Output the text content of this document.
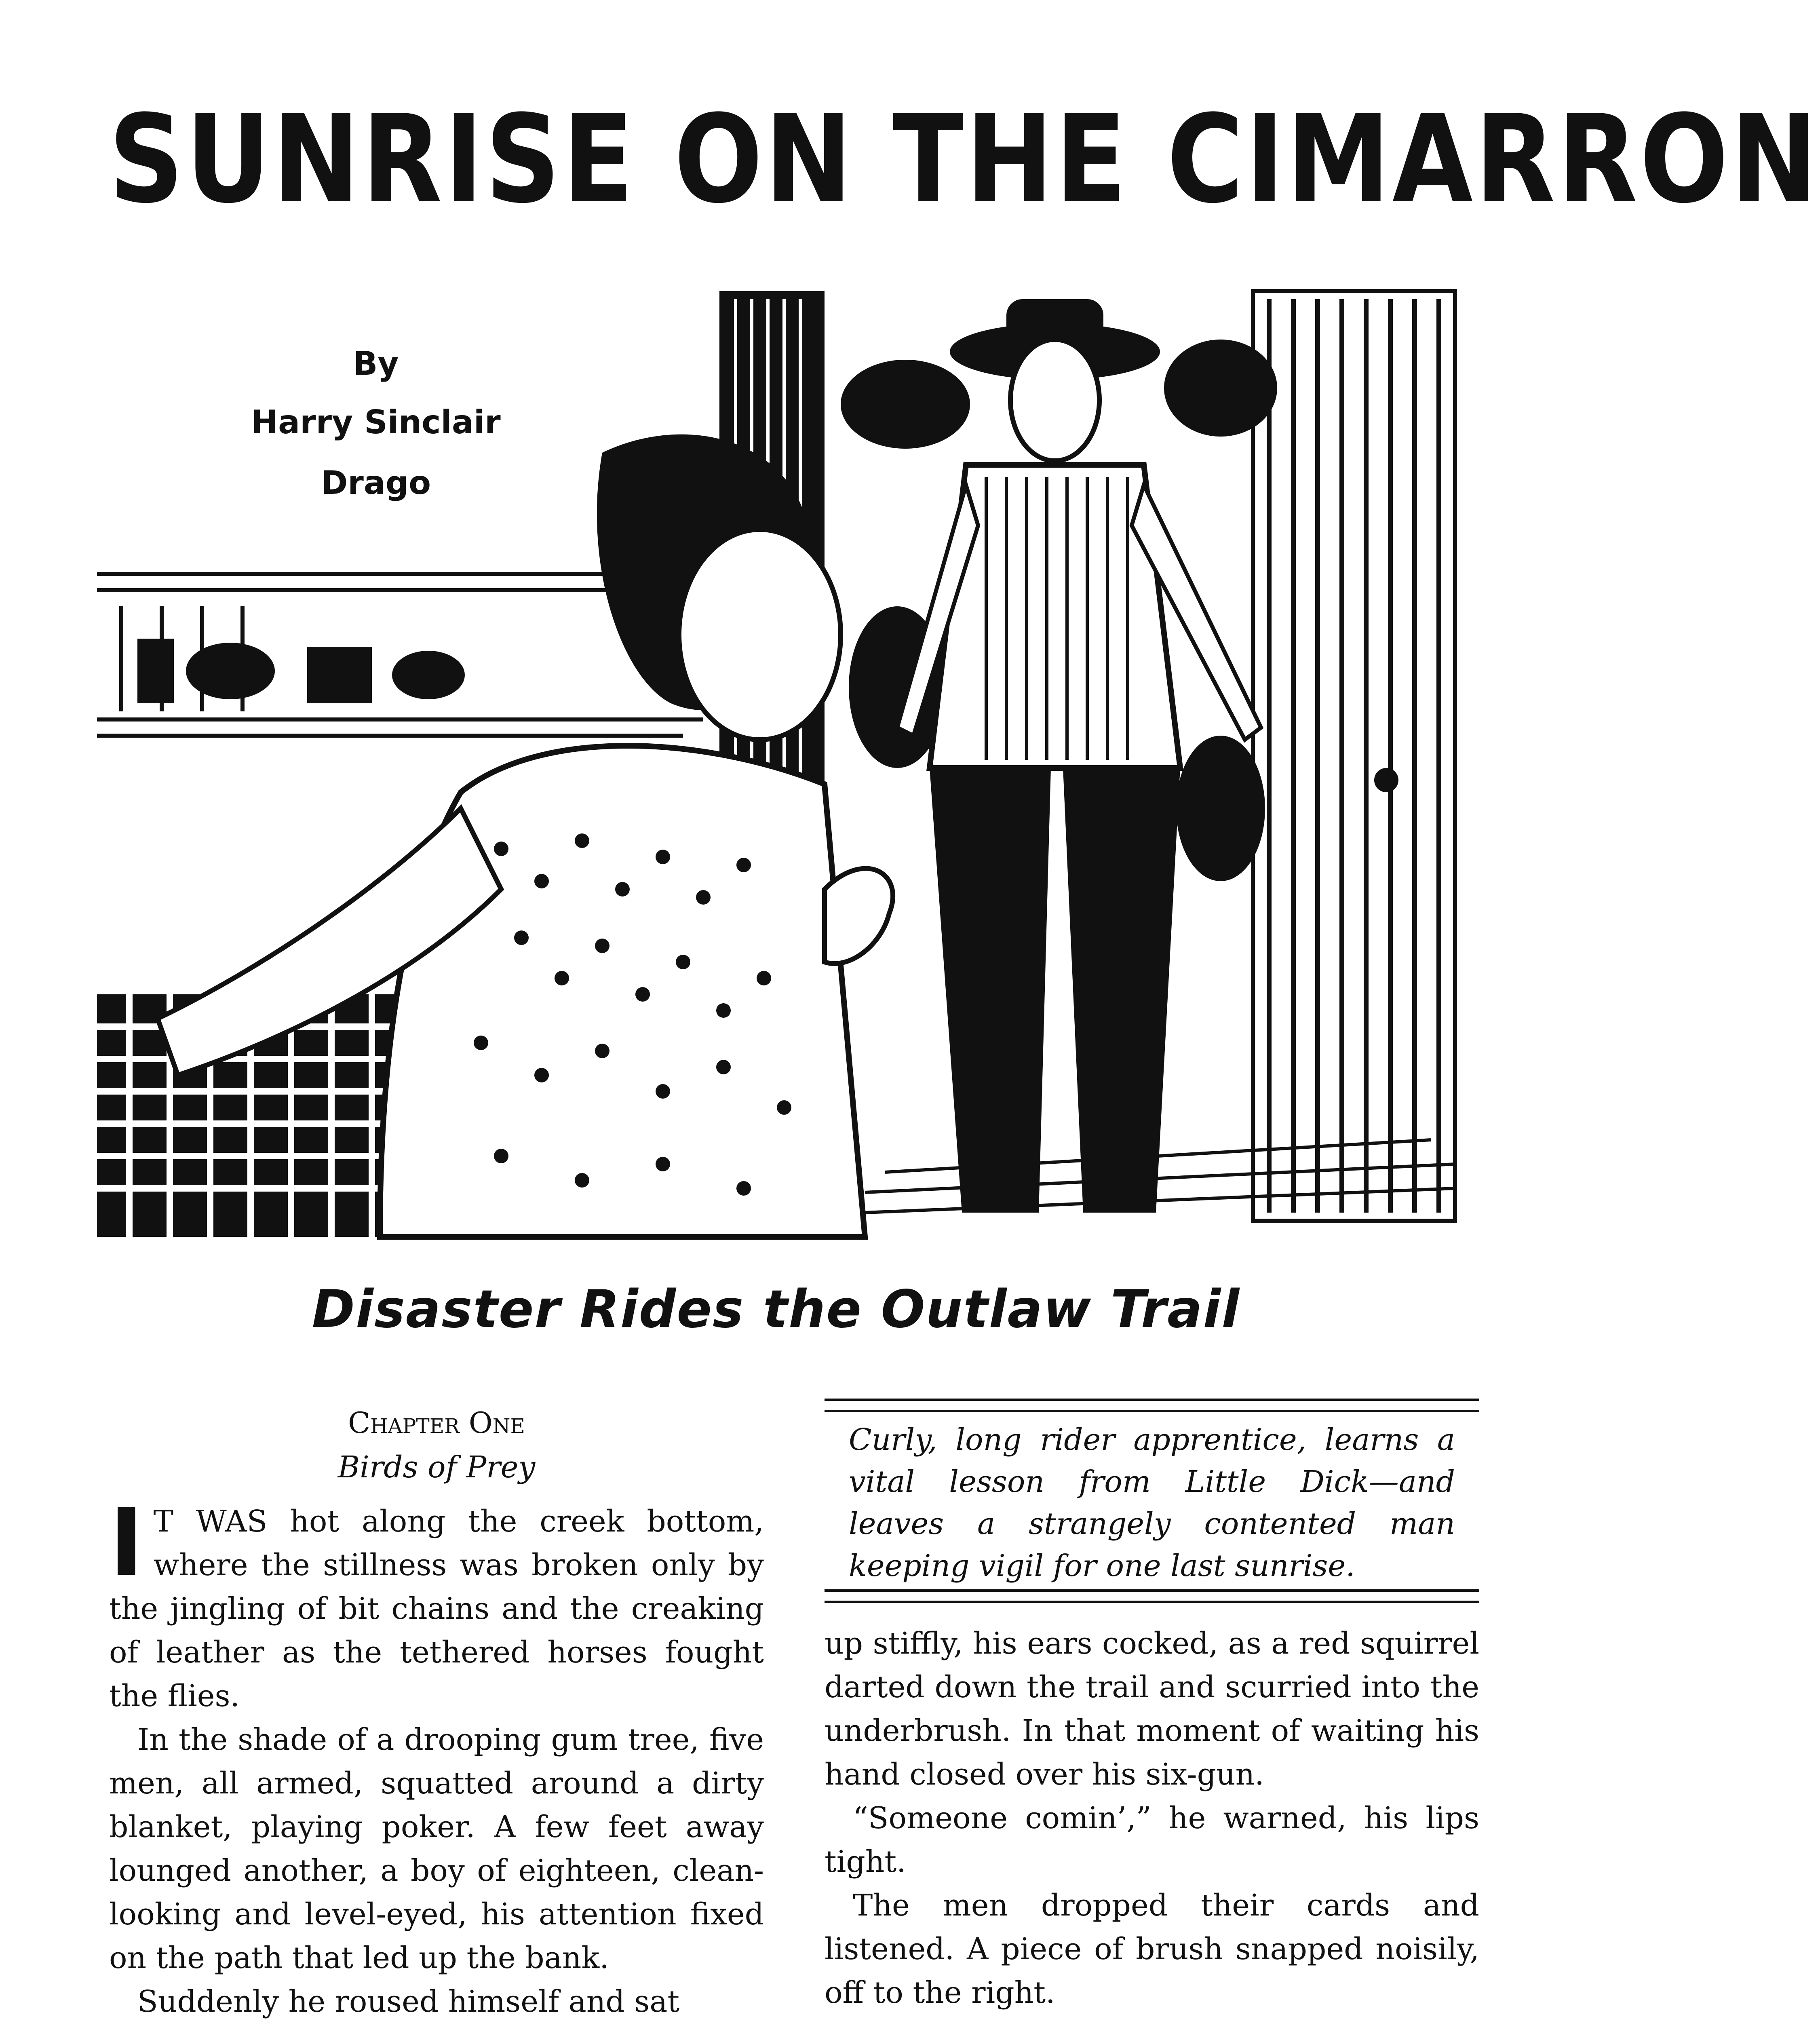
SUNRISE ON THE CIMARRON
By
Harry Sinclair
Drago
Disaster Rides the Outlaw Trail
Chapter One
Birds of Prey

I T WAS hot along the creek bottom, where the stillness was broken only by the jingling of bit chains and the creaking of leather as the tethered horses fought the flies.

In the shade of a drooping gum tree, five men, all armed, squatted around a dirty blanket, playing poker. A few feet away lounged another, a boy of eighteen, clean-looking and level-eyed, his attention fixed on the path that led up the bank.

Suddenly he roused himself and sat

Curly, long rider apprentice, learns a vital lesson from Little Dick—and leaves a strangely contented man keeping vigil for one last sunrise.

up stiffly, his ears cocked, as a red squirrel darted down the trail and scurried into the underbrush. In that moment of waiting his hand closed over his six-gun.

“Someone comin’,” he warned, his lips tight.

The men dropped their cards and listened. A piece of brush snapped noisily, off to the right.
